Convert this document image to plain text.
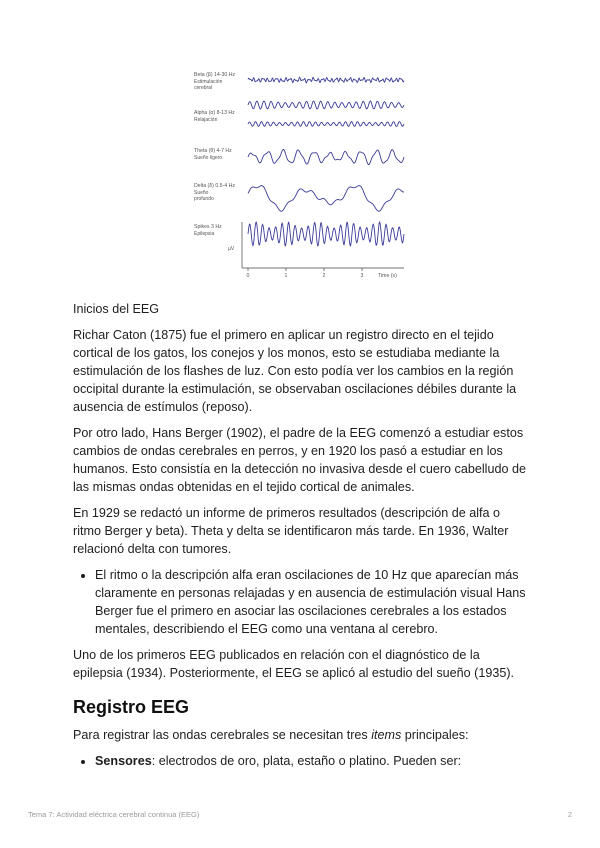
Beta (β) 14-30 Hz
Estimulación
cerebral
Alpha (α) 8-13 Hz
Relajación
Theta (θ) 4-7 Hz
Sueño ligero
Delta (δ) 0.5-4 Hz
Sueño
profundo
Spikes 3 Hz
Epilepsia
µV
0	1	2	3	Time (s)

Inicios del EEG

Richar Caton (1875) fue el primero en aplicar un registro directo en el tejido cortical de los gatos, los conejos y los monos, esto se estudiaba mediante la estimulación de los flashes de luz. Con esto podía ver los cambios en la región occipital durante la estimulación, se observaban oscilaciones débiles durante la ausencia de estímulos (reposo).

Por otro lado, Hans Berger (1902), el padre de la EEG comenzó a estudiar estos cambios de ondas cerebrales en perros, y en 1920 los pasó a estudiar en los humanos. Esto consistía en la detección no invasiva desde el cuero cabelludo de las mismas ondas obtenidas en el tejido cortical de animales.

En 1929 se redactó un informe de primeros resultados (descripción de alfa o ritmo Berger y beta). Theta y delta se identificaron más tarde. En 1936, Walter relacionó delta con tumores.

• El ritmo o la descripción alfa eran oscilaciones de 10 Hz que aparecían más claramente en personas relajadas y en ausencia de estimulación visual Hans Berger fue el primero en asociar las oscilaciones cerebrales a los estados mentales, describiendo el EEG como una ventana al cerebro.

Uno de los primeros EEG publicados en relación con el diagnóstico de la epilepsia (1934). Posteriormente, el EEG se aplicó al estudio del sueño (1935).

Registro EEG

Para registrar las ondas cerebrales se necesitan tres items principales:

• Sensores: electrodos de oro, plata, estaño o platino. Pueden ser:
Tema 7: Actividad eléctrica cerebral continua (EEG)	2
